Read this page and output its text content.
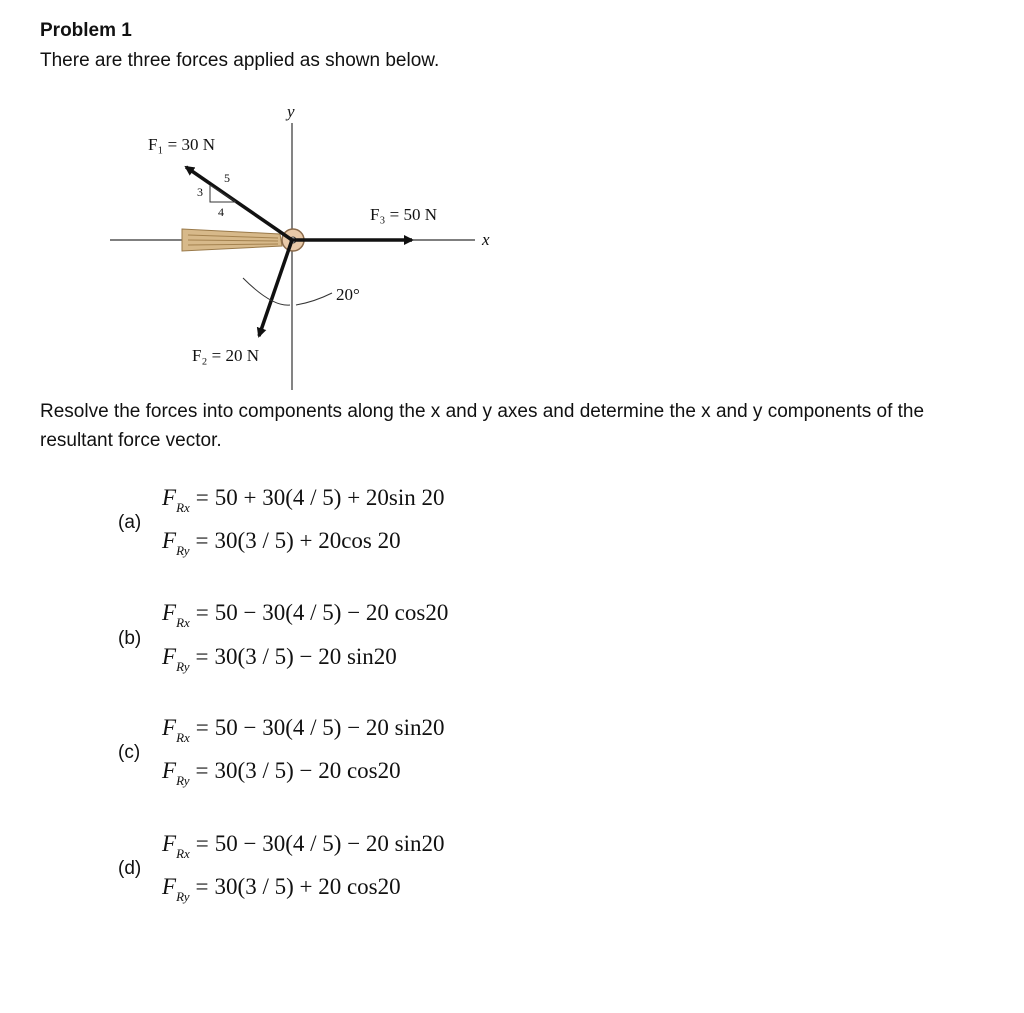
Problem 1
There are three forces applied as shown below.
y
x
3
4
5
F₁ = 30 N
F₃ = 50 N
F₂ = 20 N
20°
Resolve the forces into components along the x and y axes and determine the x and y components of the resultant force vector.
(a)
$F_{Rx} = 50 + 30(4 / 5) + 20\sin$ 20
$F_{Ry} = 30(3 / 5) + 20\cos$ 20
(b)
$F_{Rx} = 50 - 30(4 / 5) - 20$ cos20
$F_{Ry} = 30(3 / 5) - 20$ sin20
(c)
$F_{Rx} = 50 - 30(4 / 5) - 20$ sin20
$F_{Ry} = 30(3 / 5) - 20$ cos20
(d)
$F_{Rx} = 50 - 30(4 / 5) - 20$ sin20
$F_{Ry} = 30(3 / 5) + 20$ cos20
